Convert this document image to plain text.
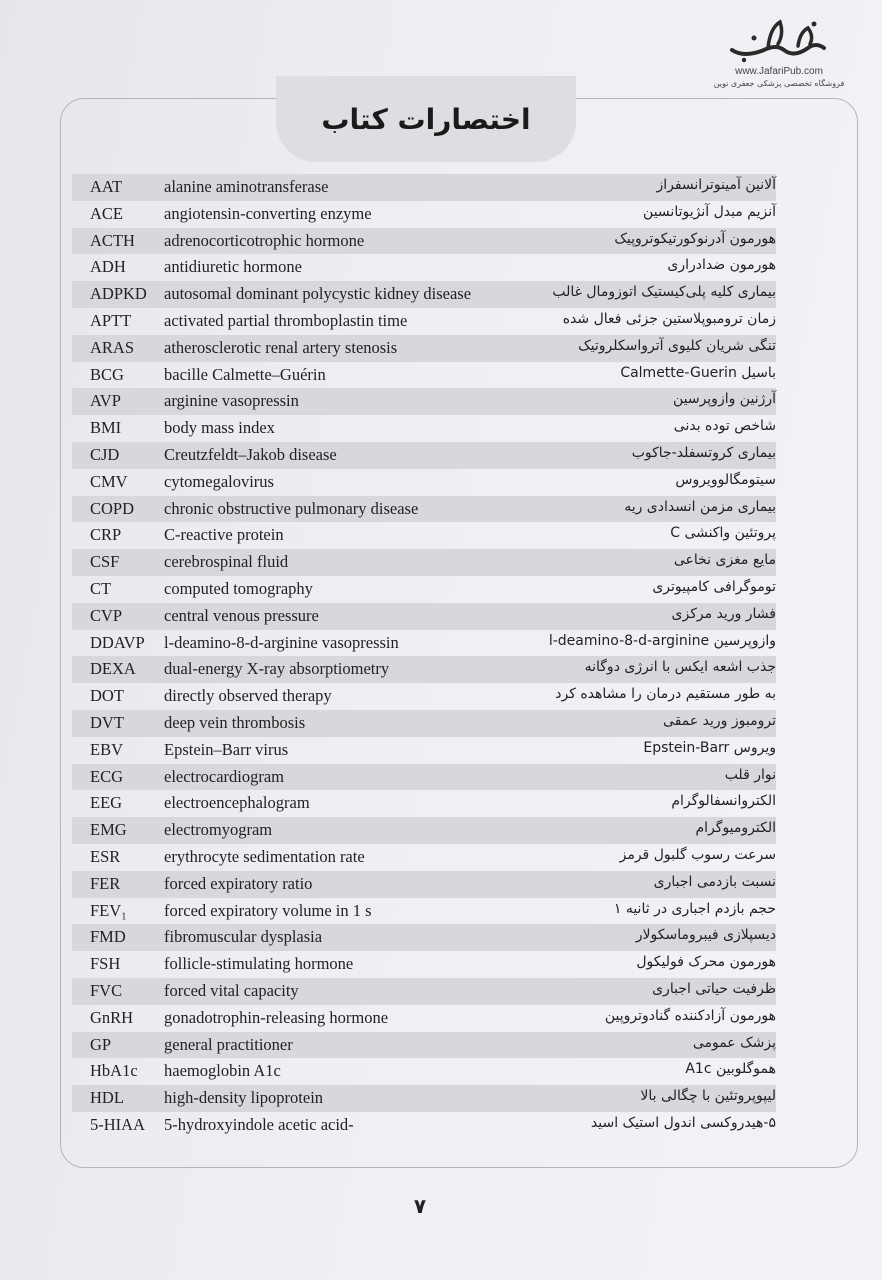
www.JafariPub.com
فروشگاه تخصصی پزشکی جعفری نوین
اختصارات کتاب
AAT	alanine aminotransferase	آلانین آمینوترانسفراز
ACE angiotensin-converting enzyme	آنزیم مبدل آنژیوتانسین
ACTH adrenocorticotrophic hormone	هورمون آدرنوکورتیکوتروپیک
ADH antidiuretic hormone	هورمون ضدادراری
ADPKD autosomal dominant polycystic kidney disease	بیماری کلیه پلی‌کیستیک اتوزومال غالب
APTT activated partial thromboplastin time	زمان ترومبوپلاستین جزئی فعال شده
ARAS atherosclerotic renal artery stenosis	تنگی شریان کلیوی آترواسکلروتیک
BCG bacille Calmette–Guérin	باسیل Calmette-Guerin
AVP	arginine vasopressin	آرژنین وازوپرسین
BMI	body mass index	شاخص توده بدنی
CJD	Creutzfeldt–Jakob disease	بیماری کروتسفلد-جاکوب
CMV cytomegalovirus	سیتومگالوویروس
COPD chronic obstructive pulmonary disease	بیماری مزمن انسدادی ریه
CRP	C-reactive protein	پروتئین واکنشی C
CSF	cerebrospinal fluid	مایع مغزی نخاعی
CT	computed tomography	توموگرافی کامپیوتری
CVP	central venous pressure	فشار ورید مرکزی
DDAVP l-deamino-8-d-arginine vasopressin	وازوپرسین l-deamino-8-d-arginine
DEXA dual-energy X-ray absorptiometry	جذب اشعه ایکس با انرژی دوگانه
DOT directly observed therapy	به طور مستقیم درمان را مشاهده کرد
DVT deep vein thrombosis	ترومبوز ورید عمقی
EBV Epstein–Barr virus	ویروس Epstein-Barr
ECG electrocardiogram	نوار قلب
EEG	electroencephalogram	الکتروانسفالوگرام
EMG electromyogram	الکترومیوگرام
ESR	erythrocyte sedimentation rate	سرعت رسوب گلبول قرمز
FER	forced expiratory ratio	نسبت بازدمی اجباری
FEV₁ forced expiratory volume in 1 s	حجم بازدم اجباری در ثانیه ۱
FMD fibromuscular dysplasia	دیسپلازی فیبروماسکولار
FSH	follicle-stimulating hormone	هورمون محرک فولیکول
FVC	forced vital capacity	ظرفیت حیاتی اجباری
GnRH gonadotrophin-releasing hormone	هورمون آزادکننده گنادوتروپین
GP	general practitioner	پزشک عمومی
HbA1c haemoglobin A1c	هموگلوبین A1c
HDL high-density lipoprotein	لیپوپروتئین با چگالی بالا
5-HIAA 5-hydroxyindole acetic acid-	۵-هیدروکسی اندول استیک اسید
۷
